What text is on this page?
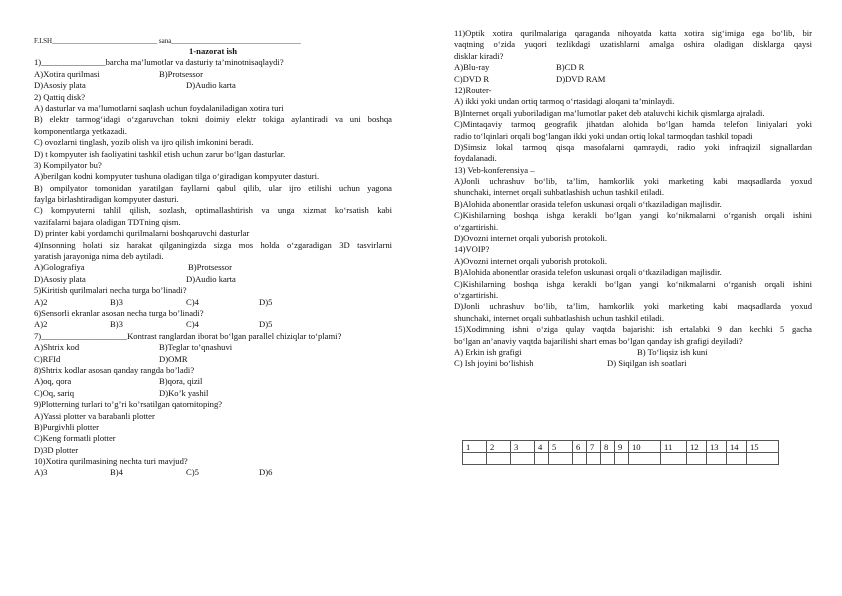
F.I.SH______________________________ sana_____________________________________
1-nazorat ish
1)_______________barcha ma’lumotlar va dasturiy ta’minotnisaqlaydi?
A)Xotira qurilmasi	B)Protsessor
D)Asosiy plata	D)Audio karta
2) Qattiq disk?
A) dasturlar va ma’lumotlarni saqlash uchun foydalaniladigan xotira turi
B) elektr tarmog‘idagi o‘zgaruvchan tokni doimiy elektr tokiga aylantiradi va uni boshqa
komponentlarga yetkazadi.
C) ovozlarni tinglash, yozib olish va ijro qilish imkonini beradi.
D) t kompyuter ish faoliyatini tashkil etish uchun zarur bo‘lgan dasturlar.
3) Kompilyator bu?
A)berilgan kodni kompyuter tushuna oladigan tilga o‘giradigan kompyuter dasturi.
B) ompilyator tomonidan yaratilgan fayllarni qabul qilib, ular ijro etilishi uchun yagona
faylga birlashtiradigan kompyuter dasturi.
C) kompyuterni tahlil qilish, sozlash, optimallashtirish va unga xizmat ko‘rsatish kabi
vazifalarni bajara oladigan TDTning qism.
D) printer kabi yordamchi qurilmalarni boshqaruvchi dasturlar
4)Insonning holati siz harakat qilganingizda sizga mos holda o‘zgaradigan 3D tasvirlarni
yaratish jarayoniga nima deb aytiladi.
A)Golografiya	B)Protsessor
D)Asosiy plata	D)Audio karta
5)Kiritish qurilmalari necha turga bo’linadi?
A)2	B)3	C)4	D)5
6)Sensorli ekranlar asosan necha turga bo’linadi?
A)2	B)3	C)4	D)5
7)____________________Kontrast ranglardan iborat bo‘lgan parallel chiziqlar to‘plami?
A)Shtrix kod	B)Teglar to’qnashuvi
C)RFId	D)OMR
8)Shtrix kodlar asosan qanday rangda bo’ladi?
A)oq, qora	B)qora, qizil
C)Oq, sariq	D)Ko’k yashil
9)Plotterning turlari to’g’ri ko’rsatilgan qatornitoping?
A)Yassi plotter va barabanli plotter
B)Purgivhli plotter
C)Keng formatli plotter
D)3D plotter
10)Xotira qurilmasining nechta turi mavjud?
A)3	B)4	C)5	D)6
11)Optik xotira qurilmalariga qaraganda nihoyatda katta xotira sig‘imiga ega bo‘lib, bir
vaqtning o‘zida yuqori tezlikdagi uzatishlarni amalga oshira oladigan disklarga qaysi
disklar kiradi?
A)Blu-ray	B)CD R
C)DVD R	D)DVD RAM
12)Router-
A) ikki yoki undan ortiq tarmoq o‘rtasidagi aloqani ta’minlaydi.
B)Internet orqali yuboriladigan ma’lumotlar paket deb ataluvchi kichik qismlarga ajraladi.
C)Mintaqaviy tarmoq geografik jihatdan alohida bo‘lgan hamda telefon liniyalari yoki
radio to‘lqinlari orqali bog‘langan ikki yoki undan ortiq lokal tarmoqdan tashkil topadi
D)Simsiz lokal tarmoq qisqa masofalarni qamraydi, radio yoki infraqizil signallardan
foydalanadi.
13) Veb-konferensiya –
A)Jonli uchrashuv bo‘lib, ta’lim, hamkorlik yoki marketing kabi maqsadlarda yoxud
shunchaki, internet orqali suhbatlashish uchun tashkil etiladi.
B)Alohida abonentlar orasida telefon uskunasi orqali o‘tkaziladigan majlisdir.
C)Kishilarning boshqa ishga kerakli bo‘lgan yangi ko‘nikmalarni o‘rganish orqali ishini
o‘zgartirishi.
D)Ovozni internet orqali yuborish protokoli.
14)VOIP?
A)Ovozni internet orqali yuborish protokoli.
B)Alohida abonentlar orasida telefon uskunasi orqali o‘tkaziladigan majlisdir.
C)Kishilarning boshqa ishga kerakli bo‘lgan yangi ko‘nikmalarni o‘rganish orqali ishini
o‘zgartirishi.
D)Jonli uchrashuv bo‘lib, ta’lim, hamkorlik yoki marketing kabi maqsadlarda yoxud
shunchaki, internet orqali suhbatlashish uchun tashkil etiladi.
15)Xodimning ishni o‘ziga qulay vaqtda bajarishi: ish ertalabki 9 dan kechki 5 gacha
bo‘lgan an’anaviy vaqtda bajarilishi shart emas bo’lgan qanday ish grafigi deyiladi?
A) Erkin ish grafigi	B) To‘liqsiz ish kuni
C) Ish joyini bo‘lishish	D) Siqilgan ish soatlari
1	2	3	4	5	6	7	8	9	10	11	12	13	14	15
